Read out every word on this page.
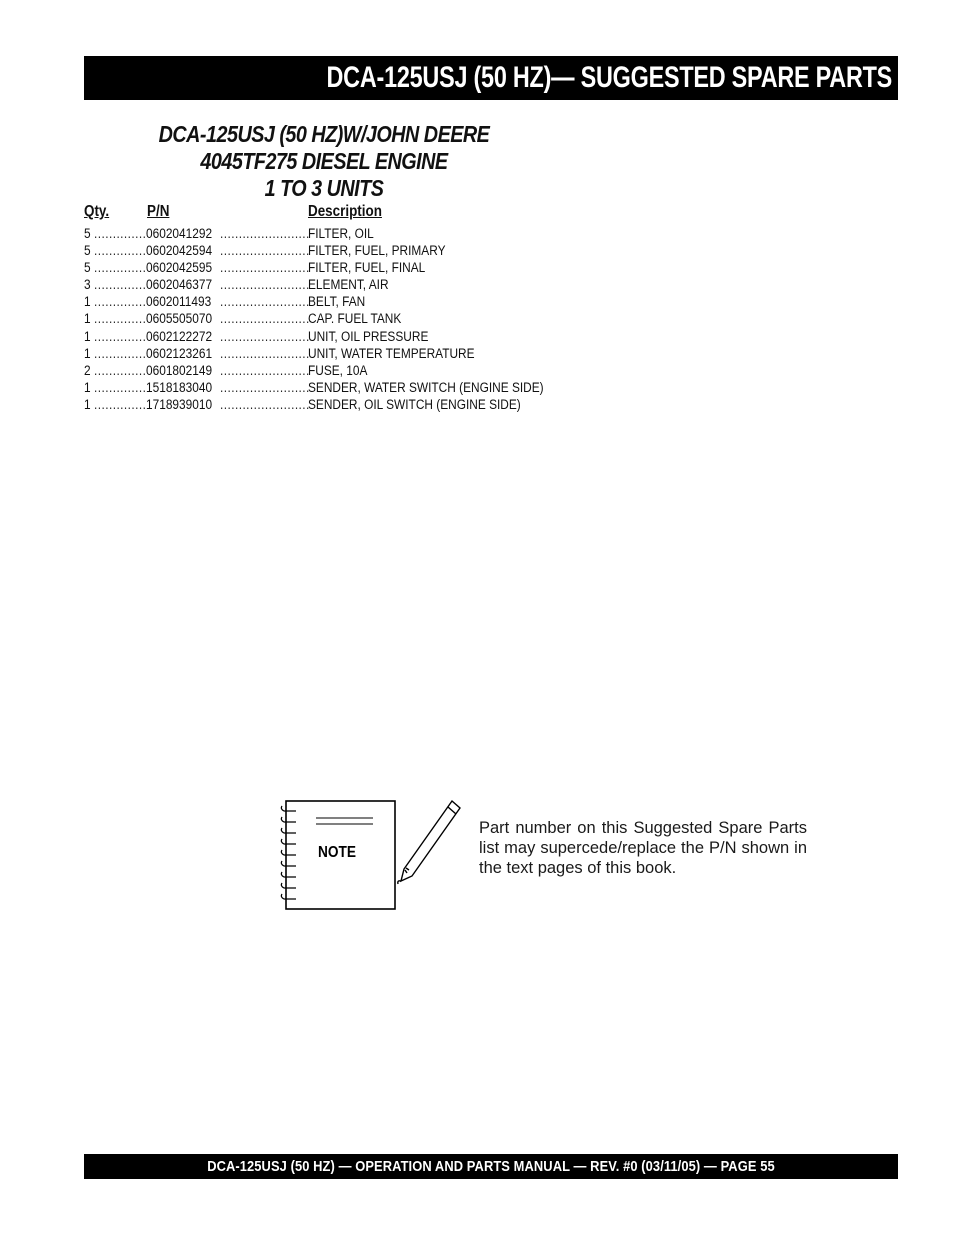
DCA-125USJ (50 HZ)— SUGGESTED SPARE PARTS
DCA-125USJ (50 HZ)W/JOHN DEERE
4045TF275 DIESEL ENGINE
1 TO 3 UNITS
Qty. P/N	Description
5 .............. 0602041292 ........................
FILTER, OIL
5 .............. 0602042594 ........................
FILTER, FUEL, PRIMARY
5 .............. 0602042595 ........................
FILTER, FUEL, FINAL
3 .............. 0602046377 ........................
ELEMENT, AIR
1 .............. 0602011493 ........................
BELT, FAN
1 .............. 0605505070 ........................
CAP. FUEL TANK
1 .............. 0602122272 ........................
UNIT, OIL PRESSURE
1 .............. 0602123261 ........................
UNIT, WATER TEMPERATURE
2 .............. 0601802149 ........................
FUSE, 10A
1 .............. 1518183040 ........................
SENDER, WATER SWITCH (ENGINE SIDE)
1 .............. 1718939010 ........................
SENDER, OIL SWITCH (ENGINE SIDE)
NOTE
Part number on this Suggested Spare Parts list may supercede/replace the P/N shown in the text pages of this book.
DCA-125USJ (50 HZ) — OPERATION AND PARTS MANUAL — REV. #0 (03/11/05) — PAGE 55
